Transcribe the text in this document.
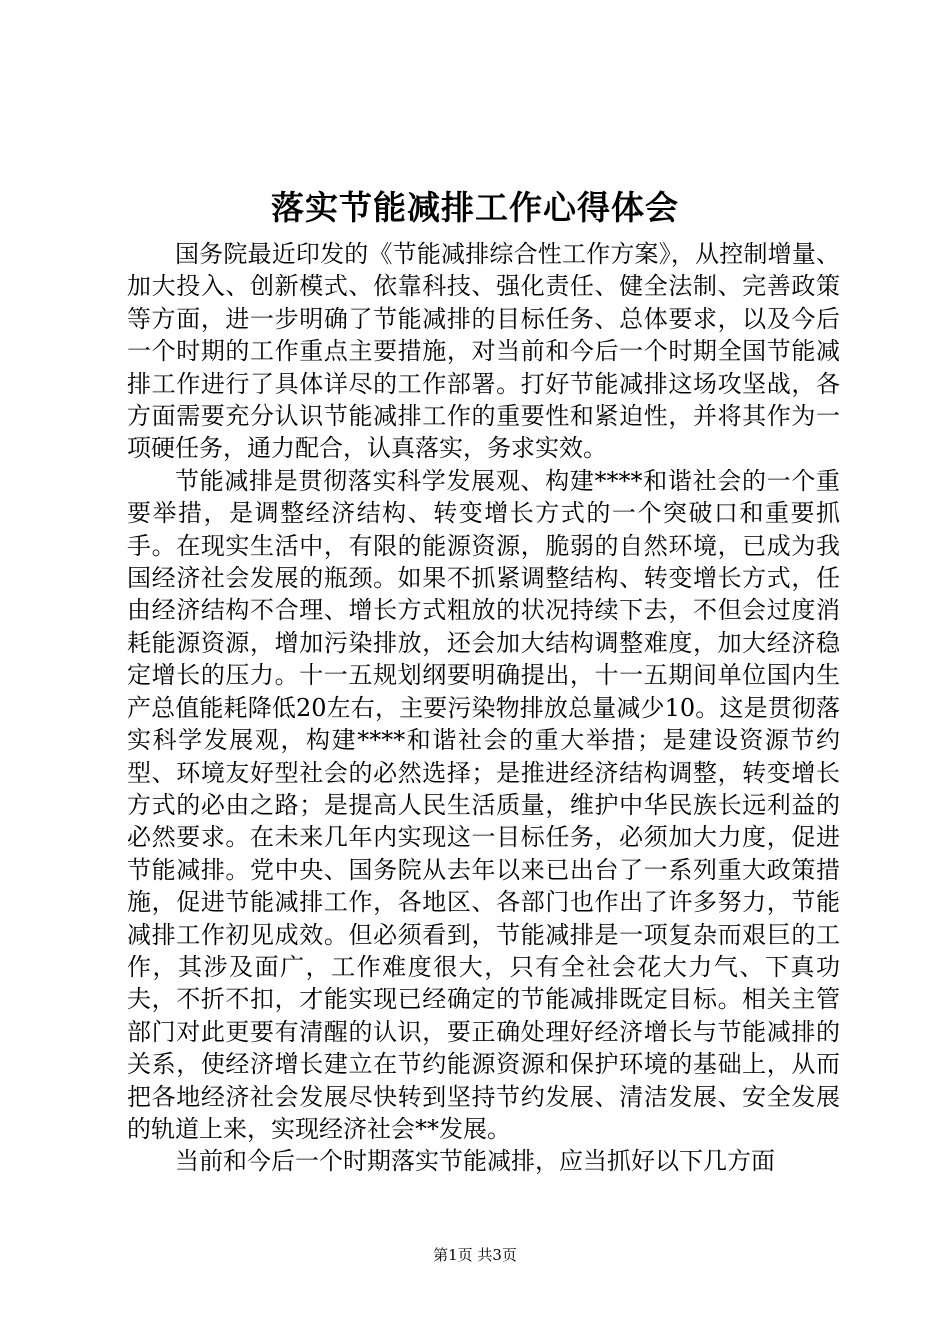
落实节能减排工作心得体会

国务院最近印发的《节能减排综合性工作方案》，从控制增量、加大投入、创新模式、依靠科技、强化责任、健全法制、完善政策等方面，进一步明确了节能减排的目标任务、总体要求，以及今后一个时期的工作重点主要措施，对当前和今后一个时期全国节能减排工作进行了具体详尽的工作部署。打好节能减排这场攻坚战，各方面需要充分认识节能减排工作的重要性和紧迫性，并将其作为一项硬任务，通力配合，认真落实，务求实效。

节能减排是贯彻落实科学发展观、构建****和谐社会的一个重要举措，是调整经济结构、转变增长方式的一个突破口和重要抓手。在现实生活中，有限的能源资源，脆弱的自然环境，已成为我国经济社会发展的瓶颈。如果不抓紧调整结构、转变增长方式，任由经济结构不合理、增长方式粗放的状况持续下去，不但会过度消耗能源资源，增加污染排放，还会加大结构调整难度，加大经济稳定增长的压力。十一五规划纲要明确提出，十一五期间单位国内生产总值能耗降低20左右，主要污染物排放总量减少10。这是贯彻落实科学发展观，构建****和谐社会的重大举措；是建设资源节约型、环境友好型社会的必然选择；是推进经济结构调整，转变增长方式的必由之路；是提高人民生活质量，维护中华民族长远利益的必然要求。在未来几年内实现这一目标任务，必须加大力度，促进节能减排。党中央、国务院从去年以来已出台了一系列重大政策措施，促进节能减排工作，各地区、各部门也作出了许多努力，节能减排工作初见成效。但必须看到，节能减排是一项复杂而艰巨的工作，其涉及面广，工作难度很大，只有全社会花大力气、下真功夫，不折不扣，才能实现已经确定的节能减排既定目标。相关主管部门对此更要有清醒的认识，要正确处理好经济增长与节能减排的关系，使经济增长建立在节约能源资源和保护环境的基础上，从而把各地经济社会发展尽快转到坚持节约发展、清洁发展、安全发展的轨道上来，实现经济社会**发展。

当前和今后一个时期落实节能减排，应当抓好以下几方面

第1页 共3页
